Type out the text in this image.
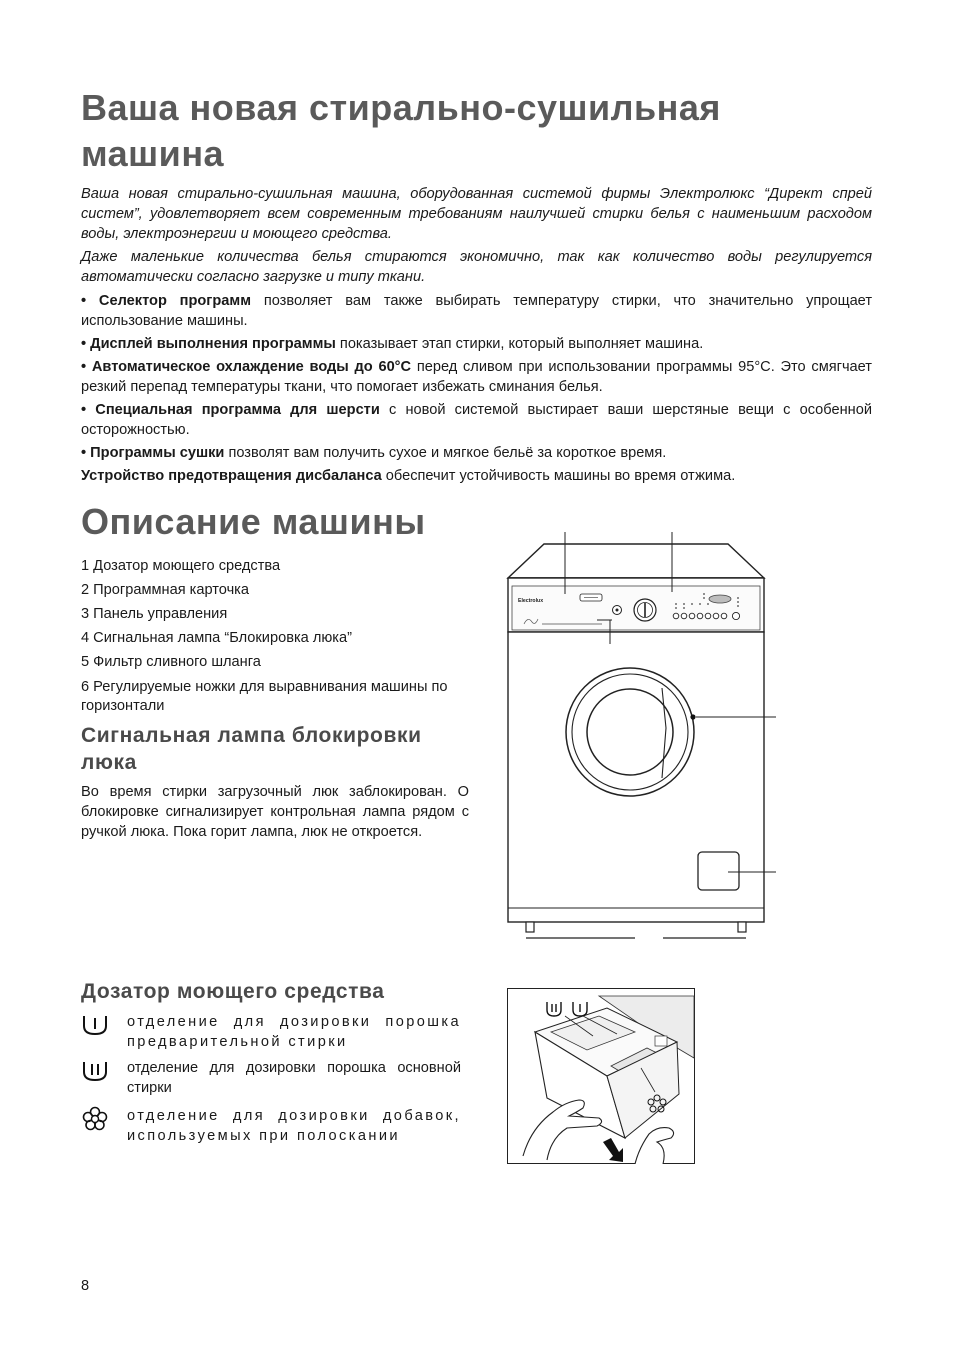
Ваша новая стирально-сушильная

машина

Ваша новая стирально-сушильная машина, оборудованная системой фирмы Электролюкс “Директ спрей систем”, удовлетворяет всем современным требованиям наилучшей стирки белья с наименьшим расходом воды, электроэнергии и моющего средства.

Даже маленькие количества белья стираются экономично, так как количество воды регулируется автоматически согласно загрузке и типу ткани.

• Селектор программ позволяет вам также выбирать температуру стирки, что значительно упрощает использование машины.

• Дисплей выполнения программы показывает этап стирки, который выполняет машина.

• Автоматическое охлаждение воды до 60°C перед сливом при использовании программы 95°C. Это смягчает резкий перепад температуры ткани, что помогает избежать сминания белья.

• Специальная программа для шерсти с новой системой выстирает ваши шерстяные вещи с особенной осторожностью.

• Программы сушки позволят вам получить сухое и мягкое бельё за короткое время.

Устройство предотвращения дисбаланса обеспечит устойчивость машины во время отжима.

Описание машины

1 Дозатор моющего средства

2 Программная карточка

3 Панель управления

4 Сигнальная лампа “Блокировка люка”

5 Фильтр сливного шланга

6 Регулируемые ножки для выравнивания машины по горизонтали

Сигнальная лампа блокировки люка

Во время стирки загрузочный люк заблокирован. О блокировке сигнализирует контрольная лампа рядом с ручкой люка. Пока горит лампа, люк не откроется.

Electrolux

Дозатор моющего средства

отделение для дозировки порошка предварительной стирки
отделение для дозировки порошка основной стирки
отделение для дозировки добавок, используемых при полоскании
8
